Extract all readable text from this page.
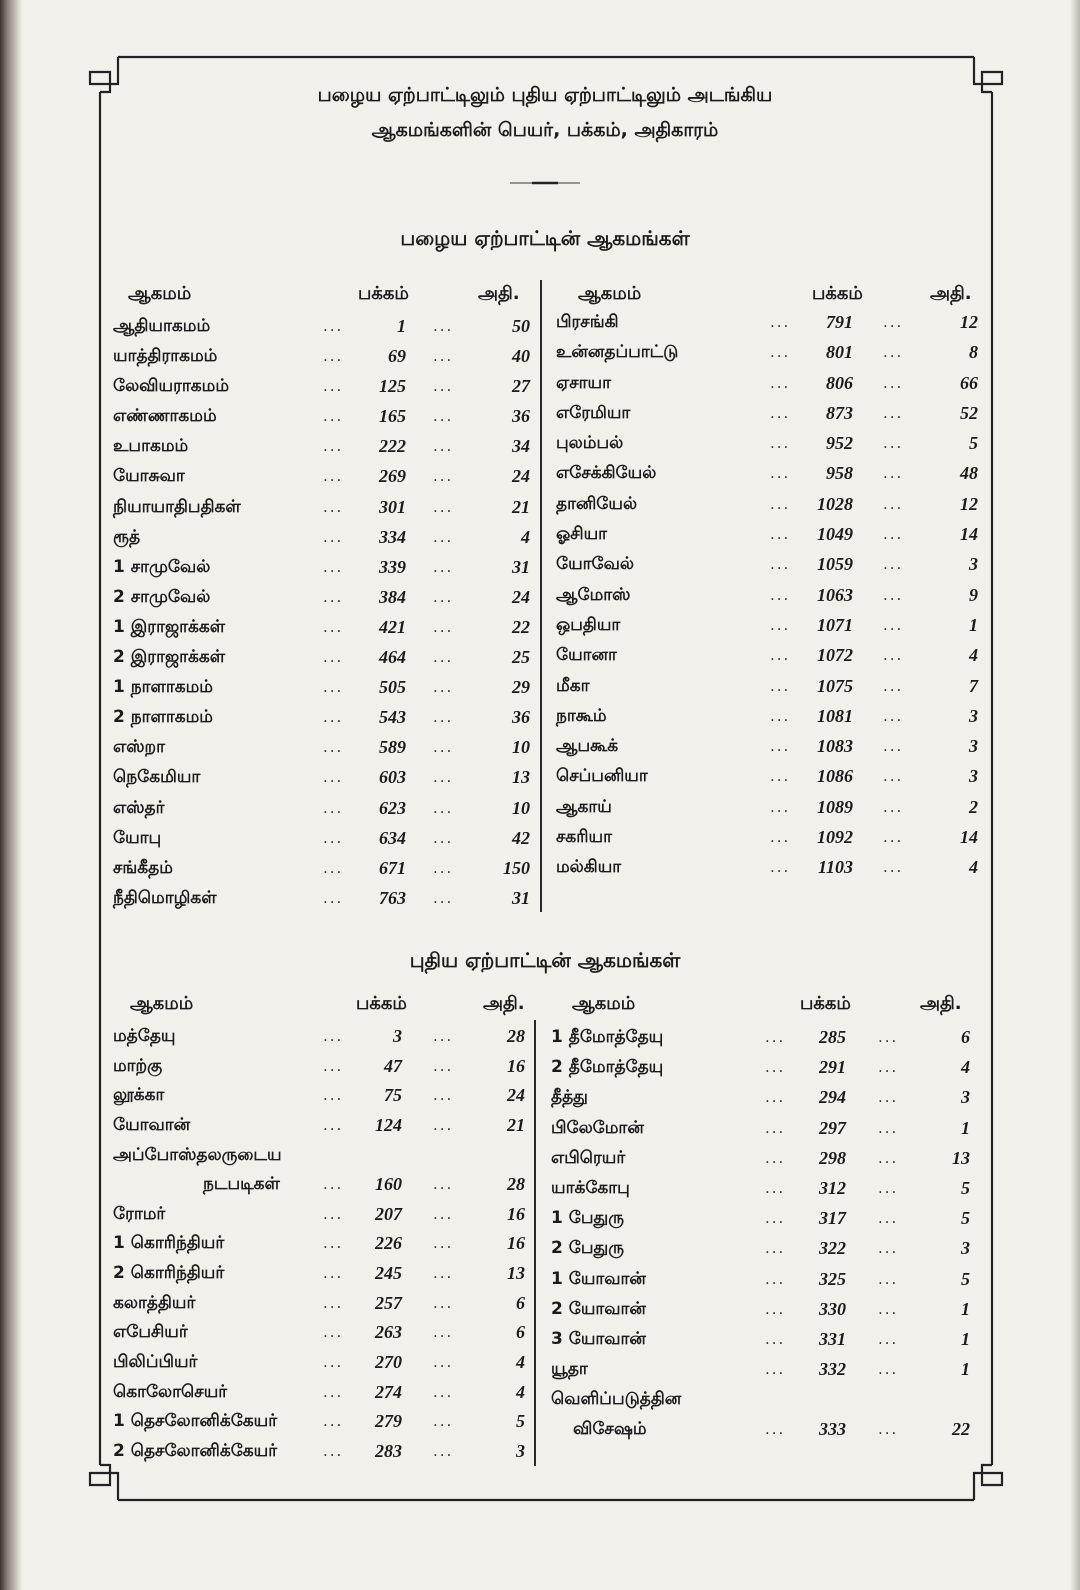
பழைய ஏற்பாட்டிலும் புதிய ஏற்பாட்டிலும் அடங்கிய
ஆகமங்களின் பெயர், பக்கம், அதிகாரம்
பழைய ஏற்பாட்டின் ஆகமங்கள்
ஆகமம்	பக்கம்	அதி.	ஆகமம்	பக்கம்	அதி.
ஆதியாகமம்	...	1 ...	50
யாத்திராகமம்	...	69 ...	40
லேவியராகமம்	...	125 ...	27
எண்ணாகமம்	...	165 ...	36
உபாகமம்	...	222 ...	34
யோசுவா	...	269 ...	24
நியாயாதிபதிகள்	...	301 ...	21
ரூத்	...	334 ...	4
1 சாமுவேல்	...	339 ...	31
2 சாமுவேல்	...	384 ...	24
1 இராஜாக்கள்	...	421 ...	22
2 இராஜாக்கள்	...	464 ...	25
1 நாளாகமம்	...	505 ...	29
2 நாளாகமம்	...	543 ...	36
எஸ்றா	...	589 ...	10
நெகேமியா	...	603 ...	13
எஸ்தர்	...	623 ...	10
யோபு	...	634 ...	42
சங்கீதம்	...	671 ...	150
நீதிமொழிகள்	...	763 ...	31
பிரசங்கி	...	791 ...	12
உன்னதப்பாட்டு	...	801 ...	8
ஏசாயா	...	806 ...	66
எரேமியா	...	873 ...	52
புலம்பல்	...	952 ...	5
எசேக்கியேல்	...	958 ...	48
தானியேல்	...	1028 ...	12
ஓசியா	...	1049 ...	14
யோவேல்	...	1059 ...	3
ஆமோஸ்	...	1063 ...	9
ஒபதியா	...	1071 ...	1
யோனா	...	1072 ...	4
மீகா	...	1075 ...	7
நாகூம்	...	1081 ...	3
ஆபகூக்	...	1083 ...	3
செப்பனியா	...	1086 ...	3
ஆகாய்	...	1089 ...	2
சகரியா	...	1092 ...	14
மல்கியா	...	1103 ...	4
புதிய ஏற்பாட்டின் ஆகமங்கள்
ஆகமம்	பக்கம்	அதி.	ஆகமம்	பக்கம்	அதி.
மத்தேயு	...	3 ...	28
மாற்கு	...	47 ...	16
லூக்கா	...	75 ...	24
யோவான்	...	124 ...	21
அப்போஸ்தலருடைய
நடபடிகள்	...	160 ...	28
ரோமர்	...	207 ...	16
1 கொரிந்தியர்	...	226 ...	16
2 கொரிந்தியர்	...	245 ...	13
கலாத்தியர்	...	257 ...	6
எபேசியர்	...	263 ...	6
பிலிப்பியர்	...	270 ...	4
கொலோசெயர்	...	274 ...	4
1 தெசலோனிக்கேயர்	...	279 ...	5
2 தெசலோனிக்கேயர்	...	283 ...	3
1 தீமோத்தேயு	...	285 ...	6
2 தீமோத்தேயு	...	291 ...	4
தீத்து	...	294 ...	3
பிலேமோன்	...	297 ...	1
எபிரெயர்	...	298 ...	13
யாக்கோபு	...	312 ...	5
1 பேதுரு	...	317 ...	5
2 பேதுரு	...	322 ...	3
1 யோவான்	...	325 ...	5
2 யோவான்	...	330 ...	1
3 யோவான்	...	331 ...	1
யூதா	...	332 ...	1
வெளிப்படுத்தின
விசேஷம்	...	333 ...	22
